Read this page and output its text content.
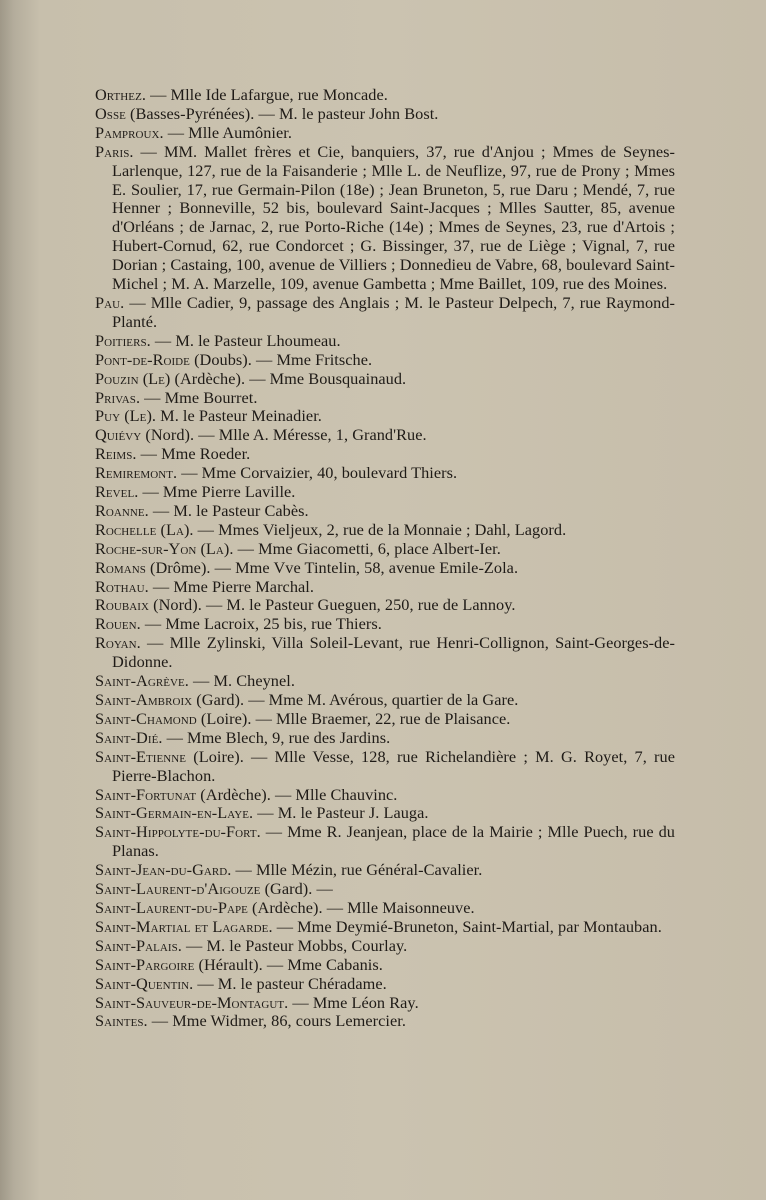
Orthez. — Mlle Ide Lafargue, rue Moncade.

Osse (Basses-Pyrénées). — M. le pasteur John Bost.

Pamproux. — Mlle Aumônier.

Paris. — MM. Mallet frères et Cie, banquiers, 37, rue d'Anjou ; Mmes de Seynes-Larlenque, 127, rue de la Faisanderie ; Mlle L. de Neuflize, 97, rue de Prony ; Mmes E. Soulier, 17, rue Germain-Pilon (18e) ; Jean Bruneton, 5, rue Daru ; Mendé, 7, rue Henner ; Bonneville, 52 bis, boulevard Saint-Jacques ; Mlles Sautter, 85, avenue d'Orléans ; de Jarnac, 2, rue Porto-Riche (14e) ; Mmes de Seynes, 23, rue d'Artois ; Hubert-Cornud, 62, rue Condorcet ; G. Bissinger, 37, rue de Liège ; Vignal, 7, rue Dorian ; Castaing, 100, avenue de Villiers ; Donnedieu de Vabre, 68, boulevard Saint-Michel ; M. A. Marzelle, 109, avenue Gambetta ; Mme Baillet, 109, rue des Moines.

Pau. — Mlle Cadier, 9, passage des Anglais ; M. le Pasteur Delpech, 7, rue Raymond-Planté.

Poitiers. — M. le Pasteur Lhoumeau.

Pont-de-Roide (Doubs). — Mme Fritsche.

Pouzin (Le) (Ardèche). — Mme Bousquainaud.

Privas. — Mme Bourret.

Puy (Le). M. le Pasteur Meinadier.

Quiévy (Nord). — Mlle A. Méresse, 1, Grand'Rue.

Reims. — Mme Roeder.

Remiremont. — Mme Corvaizier, 40, boulevard Thiers.

Revel. — Mme Pierre Laville.

Roanne. — M. le Pasteur Cabès.

Rochelle (La). — Mmes Vieljeux, 2, rue de la Monnaie ; Dahl, Lagord.

Roche-sur-Yon (La). — Mme Giacometti, 6, place Albert-Ier.

Romans (Drôme). — Mme Vve Tintelin, 58, avenue Emile-Zola.

Rothau. — Mme Pierre Marchal.

Roubaix (Nord). — M. le Pasteur Gueguen, 250, rue de Lannoy.

Rouen. — Mme Lacroix, 25 bis, rue Thiers.

Royan. — Mlle Zylinski, Villa Soleil-Levant, rue Henri-Collignon, Saint-Georges-de-Didonne.

Saint-Agrève. — M. Cheynel.

Saint-Ambroix (Gard). — Mme M. Avérous, quartier de la Gare.

Saint-Chamond (Loire). — Mlle Braemer, 22, rue de Plaisance.

Saint-Dié. — Mme Blech, 9, rue des Jardins.

Saint-Etienne (Loire). — Mlle Vesse, 128, rue Richelandière ; M. G. Royet, 7, rue Pierre-Blachon.

Saint-Fortunat (Ardèche). — Mlle Chauvinc.

Saint-Germain-en-Laye. — M. le Pasteur J. Lauga.

Saint-Hippolyte-du-Fort. — Mme R. Jeanjean, place de la Mairie ; Mlle Puech, rue du Planas.

Saint-Jean-du-Gard. — Mlle Mézin, rue Général-Cavalier.

Saint-Laurent-d'Aigouze (Gard). —

Saint-Laurent-du-Pape (Ardèche). — Mlle Maisonneuve.

Saint-Martial et Lagarde. — Mme Deymié-Bruneton, Saint-Martial, par Montauban.

Saint-Palais. — M. le Pasteur Mobbs, Courlay.

Saint-Pargoire (Hérault). — Mme Cabanis.

Saint-Quentin. — M. le pasteur Chéradame.

Saint-Sauveur-de-Montagut. — Mme Léon Ray.

Saintes. — Mme Widmer, 86, cours Lemercier.
